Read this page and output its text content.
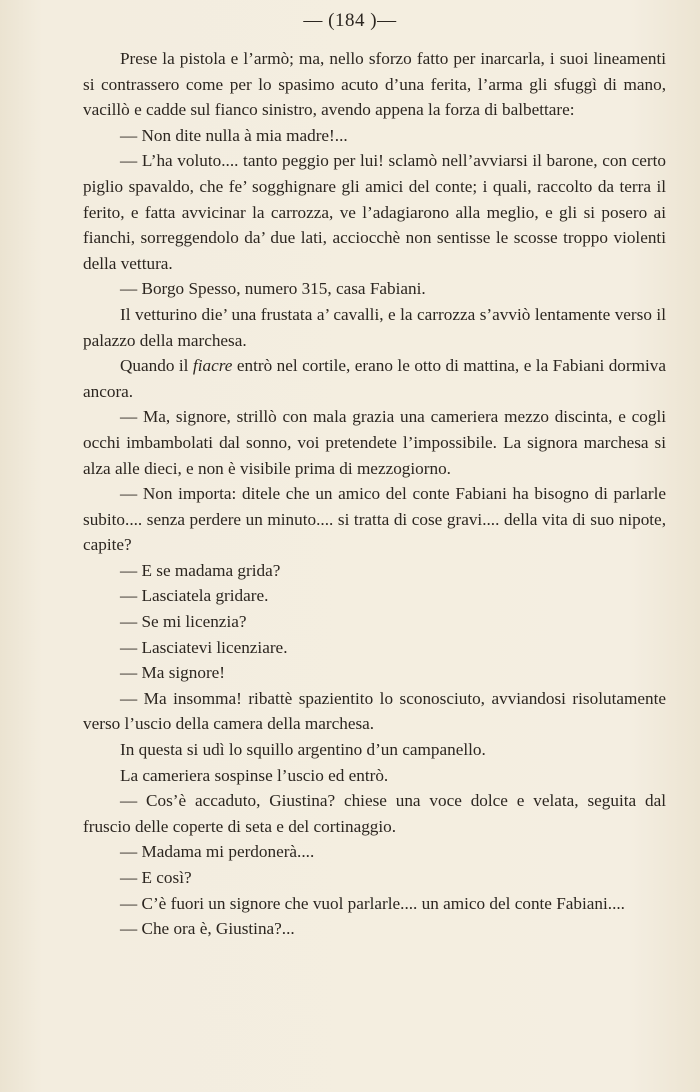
— (184 )—

Prese la pistola e l’armò; ma, nello sforzo fatto per inarcarla, i suoi lineamenti si contrassero come per lo spasimo acuto d’una ferita, l’arma gli sfuggì di mano, vacillò e cadde sul fianco sinistro, avendo appena la forza di balbettare:

— Non dite nulla à mia madre!...

— L’ha voluto.... tanto peggio per lui! sclamò nell’avviarsi il barone, con certo piglio spavaldo, che fe’ sogghignare gli amici del conte; i quali, raccolto da terra il ferito, e fatta avvicinar la carrozza, ve l’adagiarono alla meglio, e gli si posero ai fianchi, sorreggendolo da’ due lati, acciocchè non sentisse le scosse troppo violenti della vettura.

— Borgo Spesso, numero 315, casa Fabiani.

Il vetturino die’ una frustata a’ cavalli, e la carrozza s’avviò lentamente verso il palazzo della marchesa.

Quando il fiacre entrò nel cortile, erano le otto di mattina, e la Fabiani dormiva ancora.

— Ma, signore, strillò con mala grazia una cameriera mezzo discinta, e cogli occhi imbambolati dal sonno, voi pretendete l’impossibile. La signora marchesa si alza alle dieci, e non è visibile prima di mezzogiorno.

— Non importa: ditele che un amico del conte Fabiani ha bisogno di parlarle subito.... senza perdere un minuto.... si tratta di cose gravi.... della vita di suo nipote, capite?

— E se madama grida?

— Lasciatela gridare.

— Se mi licenzia?

— Lasciatevi licenziare.

— Ma signore!

— Ma insomma! ribattè spazientito lo sconosciuto, avviandosi risolutamente verso l’uscio della camera della marchesa.

In questa si udì lo squillo argentino d’un campanello.

La cameriera sospinse l’uscio ed entrò.

— Cos’è accaduto, Giustina? chiese una voce dolce e velata, seguita dal fruscio delle coperte di seta e del cortinaggio.

— Madama mi perdonerà....

— E così?

— C’è fuori un signore che vuol parlarle.... un amico del conte Fabiani....

— Che ora è, Giustina?...
